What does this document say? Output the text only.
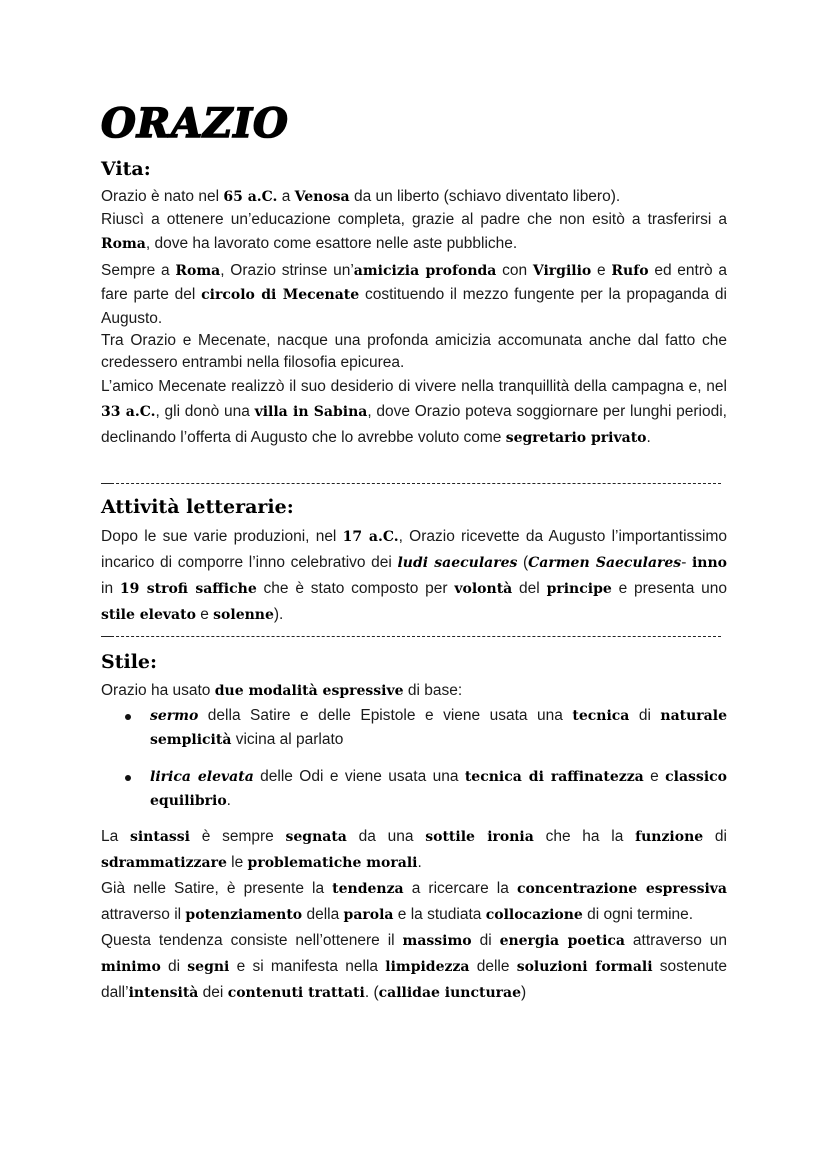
ORAZIO
Vita:
Orazio è nato nel 65 a.C. a Venosa da un liberto (schiavo diventato libero).
Riuscì a ottenere un’educazione completa, grazie al padre che non esitò a trasferirsi a Roma, dove ha lavorato come esattore nelle aste pubbliche.
Sempre a Roma, Orazio strinse un’amicizia profonda con Virgilio e Rufo ed entrò a fare parte del circolo di Mecenate costituendo il mezzo fungente per la propaganda di Augusto.
Tra Orazio e Mecenate, nacque una profonda amicizia accomunata anche dal fatto che credessero entrambi nella filosofia epicurea.
L’amico Mecenate realizzò il suo desiderio di vivere nella tranquillità della campagna e, nel 33 a.C., gli donò una villa in Sabina, dove Orazio poteva soggiornare per lunghi periodi, declinando l’offerta di Augusto che lo avrebbe voluto come segretario privato.
Attività letterarie:
Dopo le sue varie produzioni, nel 17 a.C., Orazio ricevette da Augusto l’importantissimo incarico di comporre l’inno celebrativo dei ludi saeculares (Carmen Saeculares- inno in 19 strofi saffiche che è stato composto per volontà del principe e presenta uno stile elevato e solenne).
Stile:
Orazio ha usato due modalità espressive di base:
sermo della Satire e delle Epistole e viene usata una tecnica di naturale semplicità vicina al parlato
lirica elevata delle Odi e viene usata una tecnica di raffinatezza e classico equilibrio.
La sintassi è sempre segnata da una sottile ironia che ha la funzione di sdrammatizzare le problematiche morali.
Già nelle Satire, è presente la tendenza a ricercare la concentrazione espressiva attraverso il potenziamento della parola e la studiata collocazione di ogni termine.
Questa tendenza consiste nell’ottenere il massimo di energia poetica attraverso un minimo di segni e si manifesta nella limpidezza delle soluzioni formali sostenute dall’intensità dei contenuti trattati. (callidae iuncturae)
